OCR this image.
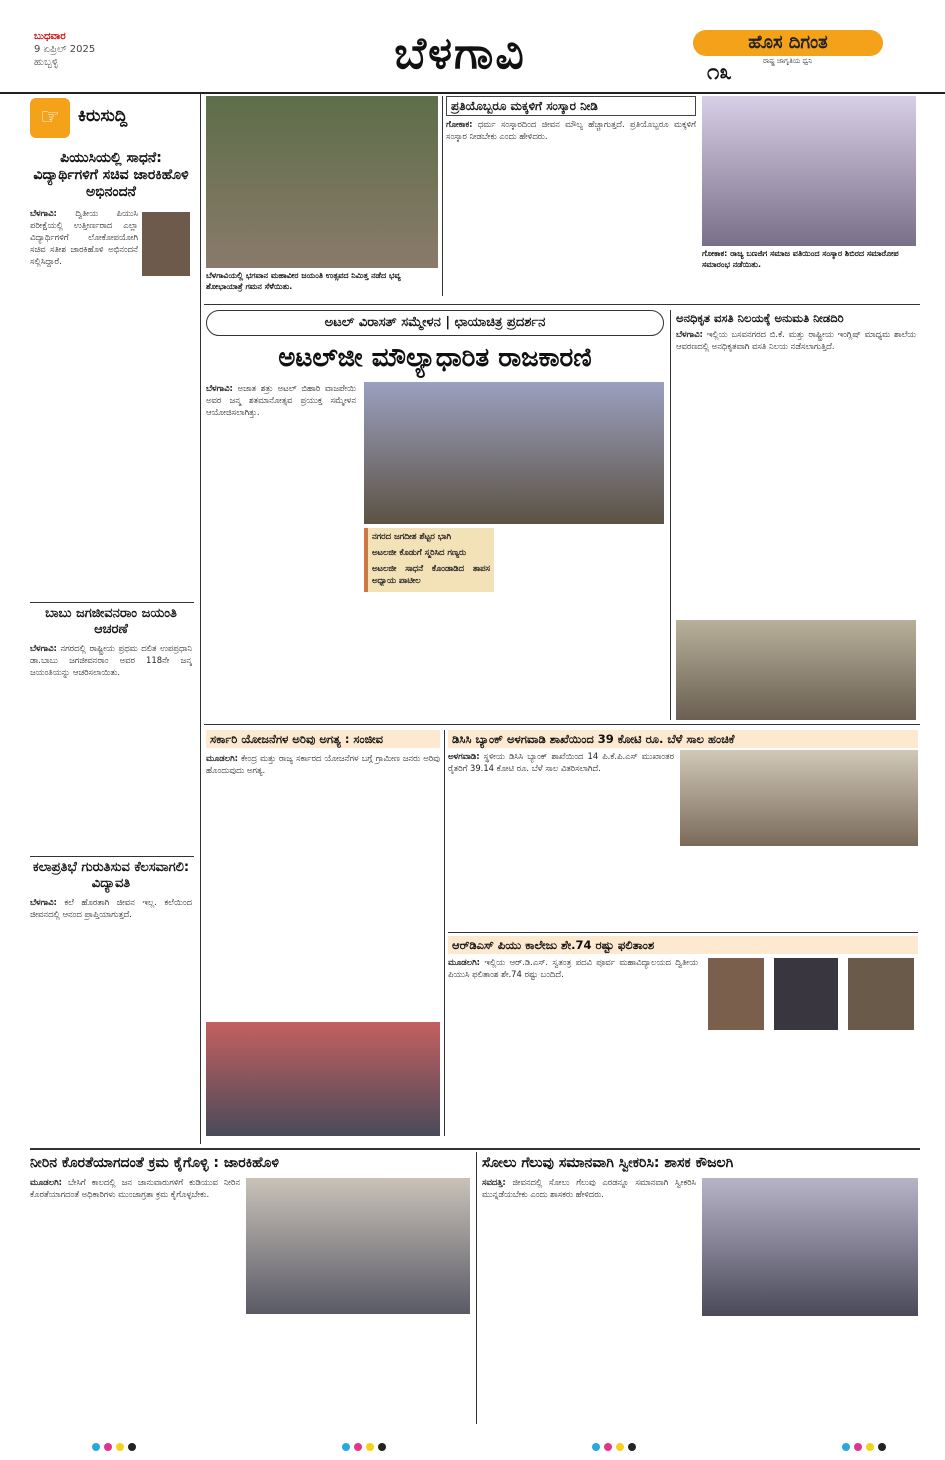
ಬುಧವಾರ
9 ಏಪ್ರಿಲ್ 2025
ಹುಬ್ಬಳ್ಳಿ	ಬೆಳಗಾವಿ	ಹೊಸ ದಿಗಂತ
೧೩	ರಾಷ್ಟ್ರ ಜಾಗೃತಿಯ ಧ್ವನಿ
☞	ಕಿರುಸುದ್ದಿ
ಪಿಯುಸಿಯಲ್ಲಿ ಸಾಧನೆ: ವಿದ್ಯಾರ್ಥಿಗಳಿಗೆ ಸಚಿವ ಜಾರಕಿಹೊಳಿ ಅಭಿನಂದನೆ
ಬೆಳಗಾವಿ: ದ್ವಿತೀಯ ಪಿಯುಸಿ ಪರೀಕ್ಷೆಯಲ್ಲಿ ಉತ್ತೀರ್ಣರಾದ ಎಲ್ಲಾ ವಿದ್ಯಾರ್ಥಿಗಳಿಗೆ ಲೋಕೋಪಯೋಗಿ ಸಚಿವ ಸತೀಶ ಜಾರಕಿಹೊಳಿ ಅಭಿನಂದನೆ ಸಲ್ಲಿಸಿದ್ದಾರೆ.
ಬಾಬು ಜಗಜೀವನರಾಂ ಜಯಂತಿ ಆಚರಣೆ
ಬೆಳಗಾವಿ: ನಗರದಲ್ಲಿ ರಾಷ್ಟ್ರೀಯ ಪ್ರಥಮ ದಲಿತ ಉಪಪ್ರಧಾನಿ ಡಾ.ಬಾಬು ಜಗಜೀವನರಾಂ ಅವರ 118ನೇ ಜನ್ಮ ಜಯಂತಿಯನ್ನು ಆಚರಿಸಲಾಯಿತು.
ಕಲಾಪ್ರತಿಭೆ ಗುರುತಿಸುವ ಕೆಲಸವಾಗಲಿ: ವಿದ್ಯಾವತಿ
ಬೆಳಗಾವಿ: ಕಲೆ ಹೊರತಾಗಿ ಜೀವನ ಇಲ್ಲ. ಕಲೆಯಿಂದ ಜೀವನದಲ್ಲಿ ಆನಂದ ಪ್ರಾಪ್ತಿಯಾಗುತ್ತದೆ.
ಬೆಳಗಾವಿಯಲ್ಲಿ ಭಗವಾನ ಮಹಾವೀರ ಜಯಂತಿ ಉತ್ಸವದ ನಿಮಿತ್ತ ನಡೆದ ಭವ್ಯ ಶೋಭಾಯಾತ್ರೆ ಗಮನ ಸೆಳೆಯಿತು.
ಪ್ರತಿಯೊಬ್ಬರೂ ಮಕ್ಕಳಿಗೆ ಸಂಸ್ಕಾರ ನೀಡಿ
ಗೋಕಾಕ: ಧರ್ಮ ಸಂಸ್ಕಾರದಿಂದ ಜೀವನ ಮೌಲ್ಯ ಹೆಚ್ಚಾಗುತ್ತದೆ. ಪ್ರತಿಯೊಬ್ಬರೂ ಮಕ್ಕಳಿಗೆ ಸಂಸ್ಕಾರ ನೀಡಬೇಕು ಎಂದು ಹೇಳಿದರು.
ಗೋಕಾಕ: ರಾಜ್ಯ ಬಣಜಿಗ ಸಮಾಜ ವತಿಯಿಂದ ಸಂಸ್ಕಾರ ಶಿಬಿರದ ಸಮಾರೋಪ ಸಮಾರಂಭ ನಡೆಯಿತು.
ಅಟಲ್ ವಿರಾಸತ್ ಸಮ್ಮೇಳನ | ಛಾಯಾಚಿತ್ರ ಪ್ರದರ್ಶನ
ಅಟಲ್‌ಜೀ ಮೌಲ್ಯಾಧಾರಿತ ರಾಜಕಾರಣಿ
ಬೆಳಗಾವಿ: ಅಜಾತ ಶತ್ರು ಅಟಲ್ ಬಿಹಾರಿ ವಾಜಪೇಯಿ ಅವರ ಜನ್ಮ ಶತಮಾನೋತ್ಸವ ಪ್ರಯುಕ್ತ ಸಮ್ಮೇಳನ ಆಯೋಜಿಸಲಾಗಿತ್ತು.
ನಗರದ ಜಗದೀಶ ಶೆಟ್ಟರ ಭಾಗಿ
ಅಟಲಜೀ ಕೊಡುಗೆ ಸ್ಮರಿಸಿದ ಗಣ್ಯರು
ಅಟಲಜೀ ಸಾಧನೆ ಕೊಂಡಾಡಿದ ತಾಪಸ ಅಧ್ಯಾಯ ಪಾಟೀಲ
ಅನಧಿಕೃತ ವಸತಿ ನಿಲಯಕ್ಕೆ ಅನುಮತಿ ನೀಡದಿರಿ
ಬೆಳಗಾವಿ: ಇಲ್ಲಿಯ ಬಸವನಗರದ ಬಿ.ಕೆ. ಮತ್ತು ರಾಷ್ಟ್ರೀಯ ಇಂಗ್ಲಿಷ್ ಮಾಧ್ಯಮ ಶಾಲೆಯ ಆವರಣದಲ್ಲಿ ಅನಧಿಕೃತವಾಗಿ ವಸತಿ ನಿಲಯ ನಡೆಸಲಾಗುತ್ತಿದೆ.
ಸರ್ಕಾರಿ ಯೋಜನೆಗಳ ಅರಿವು ಅಗತ್ಯ : ಸಂಜೀವ
ಮೂಡಲಗಿ: ಕೇಂದ್ರ ಮತ್ತು ರಾಜ್ಯ ಸರ್ಕಾರದ ಯೋಜನೆಗಳ ಬಗ್ಗೆ ಗ್ರಾಮೀಣ ಜನರು ಅರಿವು ಹೊಂದುವುದು ಅಗತ್ಯ.
ಡಿಸಿಸಿ ಬ್ಯಾಂಕ್ ಅಳಗವಾಡಿ ಶಾಖೆಯಿಂದ 39 ಕೋಟಿ ರೂ. ಬೆಳೆ ಸಾಲ ಹಂಚಿಕೆ
ಅಳಗವಾಡಿ: ಸ್ಥಳೀಯ ಡಿಸಿಸಿ ಬ್ಯಾಂಕ್ ಶಾಖೆಯಿಂದ 14 ಪಿ.ಕೆ.ಪಿ.ಎಸ್ ಮುಖಾಂತರ ರೈತರಿಗೆ 39.14 ಕೋಟಿ ರೂ. ಬೆಳೆ ಸಾಲ ವಿತರಿಸಲಾಗಿದೆ.
ಆರ್‌ಡಿಎಸ್ ಪಿಯು ಕಾಲೇಜು ಶೇ.74 ರಷ್ಟು ಫಲಿತಾಂಶ
ಮೂಡಲಗಿ: ಇಲ್ಲಿಯ ಆರ್.ಡಿ.ಎಸ್. ಸ್ವತಂತ್ರ ಪದವಿ ಪೂರ್ವ ಮಹಾವಿದ್ಯಾಲಯದ ದ್ವಿತೀಯ ಪಿಯುಸಿ ಫಲಿತಾಂಶ ಶೇ.74 ರಷ್ಟು ಬಂದಿದೆ.
ನೀರಿನ ಕೊರತೆಯಾಗದಂತೆ ಕ್ರಮ ಕೈಗೊಳ್ಳಿ : ಜಾರಕಿಹೊಳಿ
ಮೂಡಲಗಿ: ಬೇಸಿಗೆ ಕಾಲದಲ್ಲಿ ಜನ ಜಾನುವಾರುಗಳಿಗೆ ಕುಡಿಯುವ ನೀರಿನ ಕೊರತೆಯಾಗದಂತೆ ಅಧಿಕಾರಿಗಳು ಮುಂಜಾಗ್ರತಾ ಕ್ರಮ ಕೈಗೊಳ್ಳಬೇಕು.
ಸೋಲು ಗೆಲುವು ಸಮಾನವಾಗಿ ಸ್ವೀಕರಿಸಿ: ಶಾಸಕ ಕೌಜಲಗಿ
ಸವದತ್ತಿ: ಜೀವನದಲ್ಲಿ ಸೋಲು ಗೆಲುವು ಎರಡನ್ನೂ ಸಮಾನವಾಗಿ ಸ್ವೀಕರಿಸಿ ಮುನ್ನಡೆಯಬೇಕು ಎಂದು ಶಾಸಕರು ಹೇಳಿದರು.
